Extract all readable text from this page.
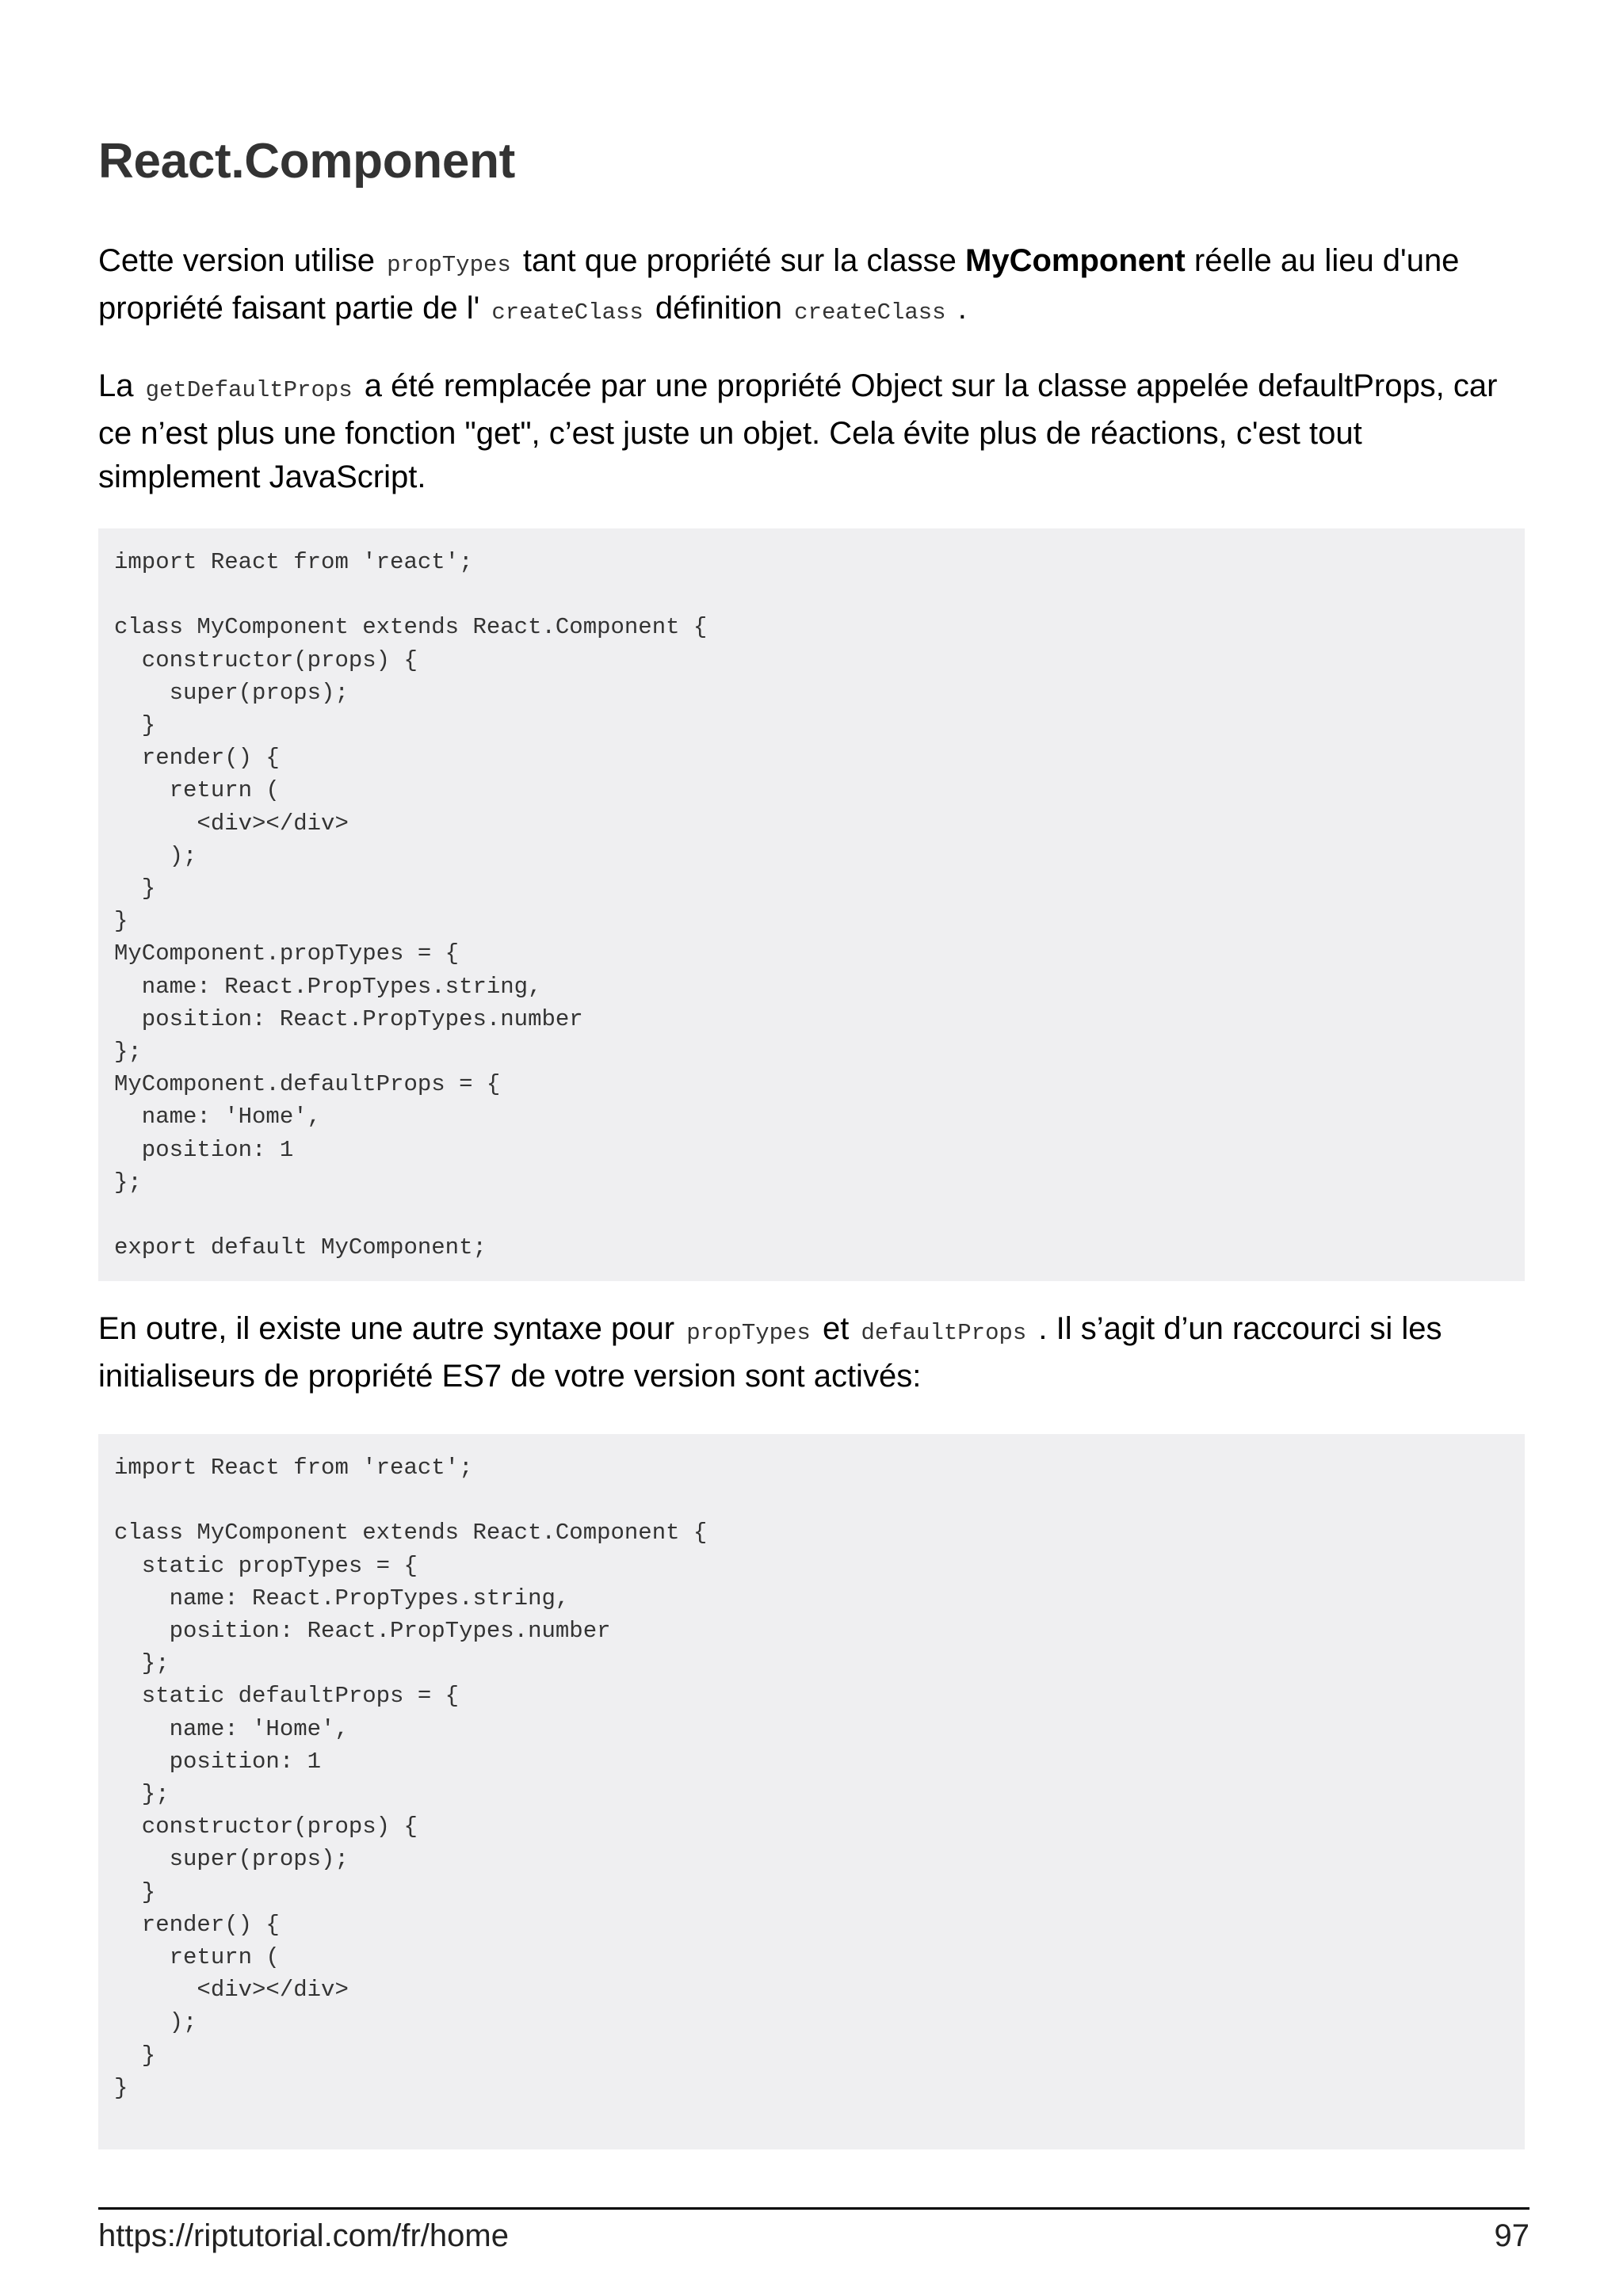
React.Component

Cette version utilise propTypes tant que propriété sur la classe MyComponent réelle au lieu d'une propriété faisant partie de l' createClass définition createClass .

La getDefaultProps a été remplacée par une propriété Object sur la classe appelée defaultProps, car ce n’est plus une fonction "get", c’est juste un objet. Cela évite plus de réactions, c'est tout simplement JavaScript.

import React from 'react';

class MyComponent extends React.Component {
constructor(props) {
super(props);
}
render() {
return (
<div></div>
);
}
}
MyComponent.propTypes = {
name: React.PropTypes.string,
position: React.PropTypes.number
};
MyComponent.defaultProps = {
name: 'Home',
position: 1
};

export default MyComponent;

En outre, il existe une autre syntaxe pour propTypes et defaultProps . Il s’agit d’un raccourci si les initialiseurs de propriété ES7 de votre version sont activés:

import React from 'react';

class MyComponent extends React.Component {
static propTypes = {
name: React.PropTypes.string,
position: React.PropTypes.number
};
static defaultProps = {
name: 'Home',
position: 1
};
constructor(props) {
super(props);
}
render() {
return (
<div></div>
);
}
}
https://riptutorial.com/fr/home	97
